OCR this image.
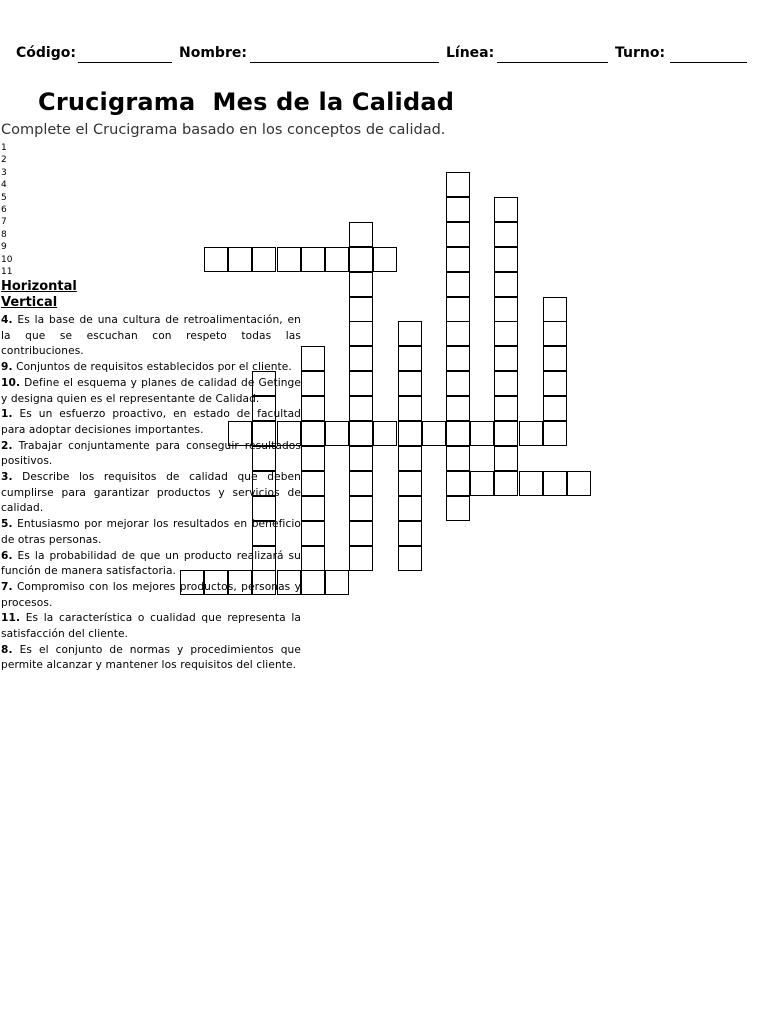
Código:	Nombre:	Línea:	Turno:
Crucigrama  Mes de la Calidad
Complete el Crucigrama basado en los conceptos de calidad.
1
2
3
4
5
6
7
8
9
10
11
Horizontal
Vertical
4. Es la base de una cultura de retroalimentación, en la que se escuchan con respeto todas las contribuciones.
9. Conjuntos de requisitos establecidos por el cliente.
10. Define el esquema y planes de calidad de Getinge y designa quien es el representante de Calidad.
1. Es un esfuerzo proactivo, en estado de facultad para adoptar decisiones importantes.
2. Trabajar conjuntamente para conseguir resultados positivos.
3. Describe los requisitos de calidad que deben cumplirse para garantizar productos y servicios de calidad.
5. Entusiasmo por mejorar los resultados en beneficio de otras personas.
6. Es la probabilidad de que un producto realizará su función de manera satisfactoria.
7. Compromiso con los mejores productos, personas y procesos.
11. Es la característica o cualidad que representa la satisfacción del cliente.
8. Es el conjunto de normas y procedimientos que permite alcanzar y mantener los requisitos del cliente.
